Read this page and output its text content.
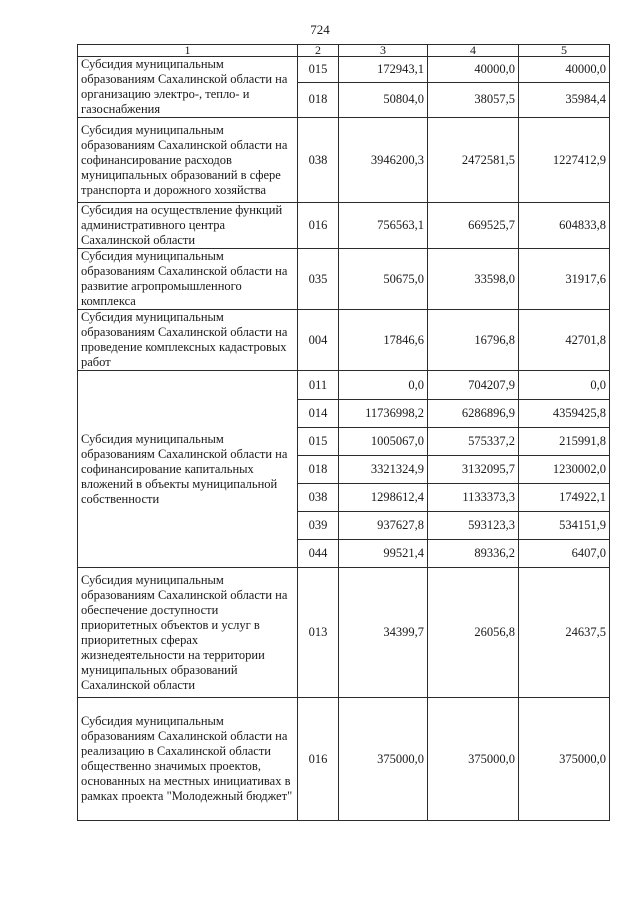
724
1	2	3	4	5
Субсидия муниципальным образованиям Сахалинской области на организацию электро-, тепло- и газоснабжения	015	172943,1	40000,0	40000,0
	018	50804,0	38057,5	35984,4
Субсидия муниципальным образованиям Сахалинской области на софинансирование расходов муниципальных образований в сфере транспорта и дорожного хозяйства	038	3946200,3	2472581,5	1227412,9
Субсидия на осуществление функций административного центра Сахалинской области	016	756563,1	669525,7	604833,8
Субсидия муниципальным образованиям Сахалинской области на развитие агропромышленного комплекса	035	50675,0	33598,0	31917,6
Субсидия муниципальным образованиям Сахалинской области на проведение комплексных кадастровых работ	004	17846,6	16796,8	42701,8
Субсидия муниципальным образованиям Сахалинской области на софинансирование капитальных вложений в объекты муниципальной собственности	011	0,0	704207,9	0,0
	014	11736998,2	6286896,9	4359425,8
	015	1005067,0	575337,2	215991,8
	018	3321324,9	3132095,7	1230002,0
	038	1298612,4	1133373,3	174922,1
	039	937627,8	593123,3	534151,9
	044	99521,4	89336,2	6407,0
Субсидия муниципальным образованиям Сахалинской области на обеспечение доступности приоритетных объектов и услуг в приоритетных сферах жизнедеятельности на территории муниципальных образований Сахалинской области	013	34399,7	26056,8	24637,5
Субсидия муниципальным образованиям Сахалинской области на реализацию в Сахалинской области общественно значимых проектов, основанных на местных инициативах в рамках проекта "Молодежный бюджет"	016	375000,0	375000,0	375000,0
